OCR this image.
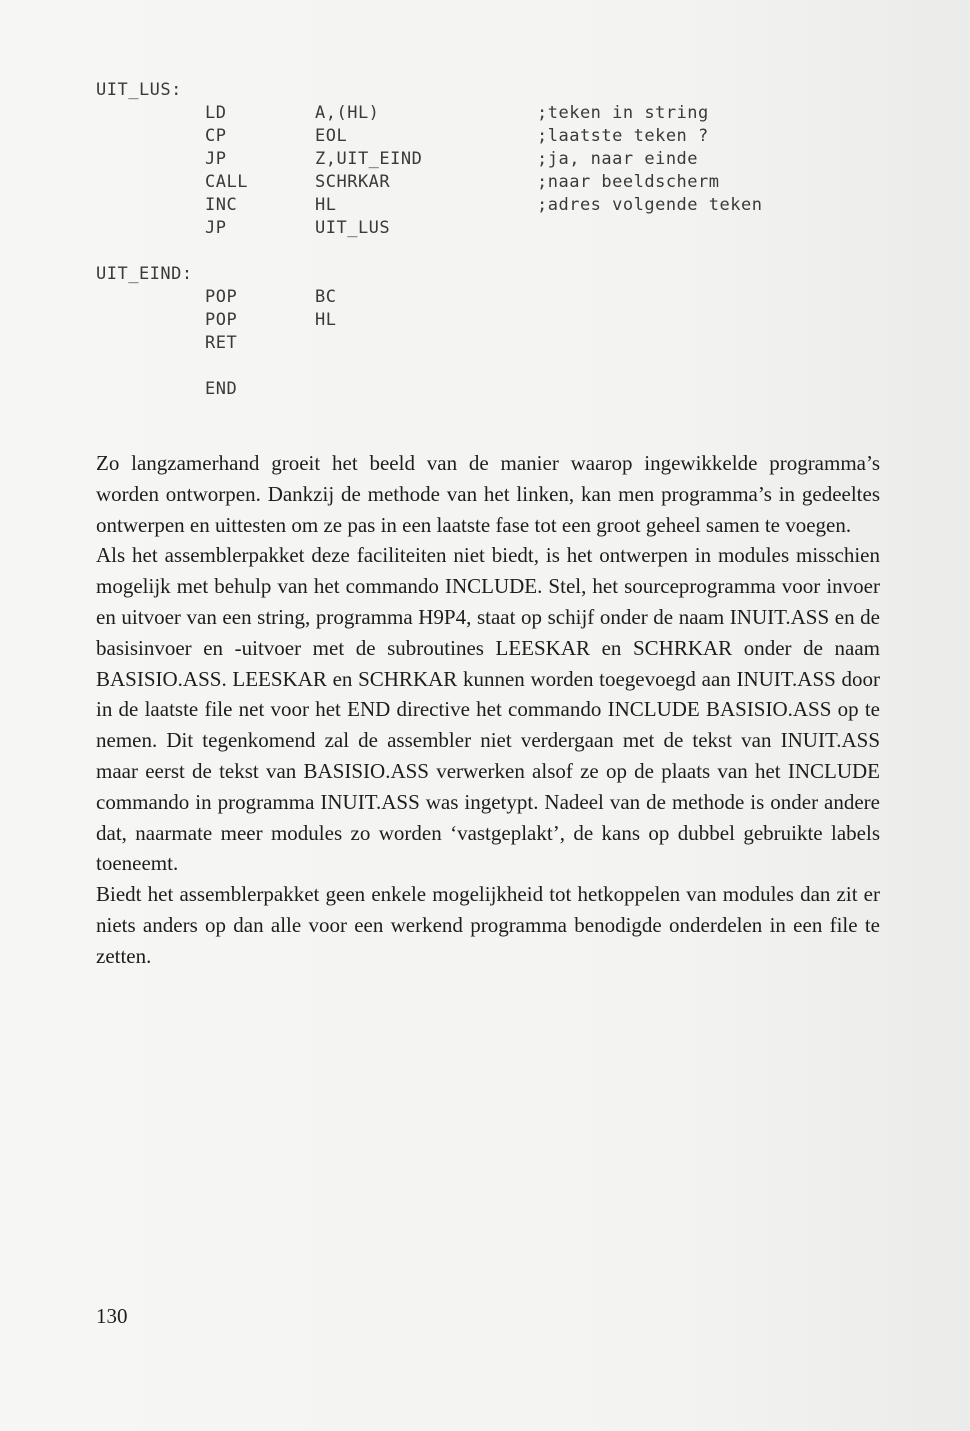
UIT_LUS:
LD	A,(HL)	;teken in string
CP	EOL	;laatste teken ?
JP	Z,UIT_EIND	;ja, naar einde
CALL	SCHRKAR	;naar beeldscherm
INC	HL	;adres volgende teken
JP	UIT_LUS
UIT_EIND:
POP	BC
POP	HL
RET
END

Zo langzamerhand groeit het beeld van de manier waarop ingewikkelde programma’s worden ontworpen. Dankzij de methode van het linken, kan men programma’s in gedeeltes ontwerpen en uittesten om ze pas in een laatste fase tot een groot geheel samen te voegen.

Als het assemblerpakket deze faciliteiten niet biedt, is het ontwerpen in modules misschien mogelijk met behulp van het commando INCLUDE. Stel, het sourceprogramma voor invoer en uitvoer van een string, programma H9P4, staat op schijf onder de naam INUIT.ASS en de basisinvoer en -uitvoer met de subroutines LEESKAR en SCHRKAR onder de naam BASISIO.ASS. LEESKAR en SCHRKAR kunnen worden toegevoegd aan INUIT.ASS door in de laatste file net voor het END directive het commando INCLUDE BASISIO.ASS op te nemen. Dit tegenkomend zal de assembler niet verdergaan met de tekst van INUIT.ASS maar eerst de tekst van BASISIO.ASS verwerken alsof ze op de plaats van het INCLUDE commando in programma INUIT.ASS was ingetypt. Nadeel van de methode is onder andere dat, naarmate meer modules zo worden ‘vastgeplakt’, de kans op dubbel gebruikte labels toeneemt.

Biedt het assemblerpakket geen enkele mogelijkheid tot hetkoppelen van modules dan zit er niets anders op dan alle voor een werkend programma benodigde onderdelen in een file te zetten.

130
